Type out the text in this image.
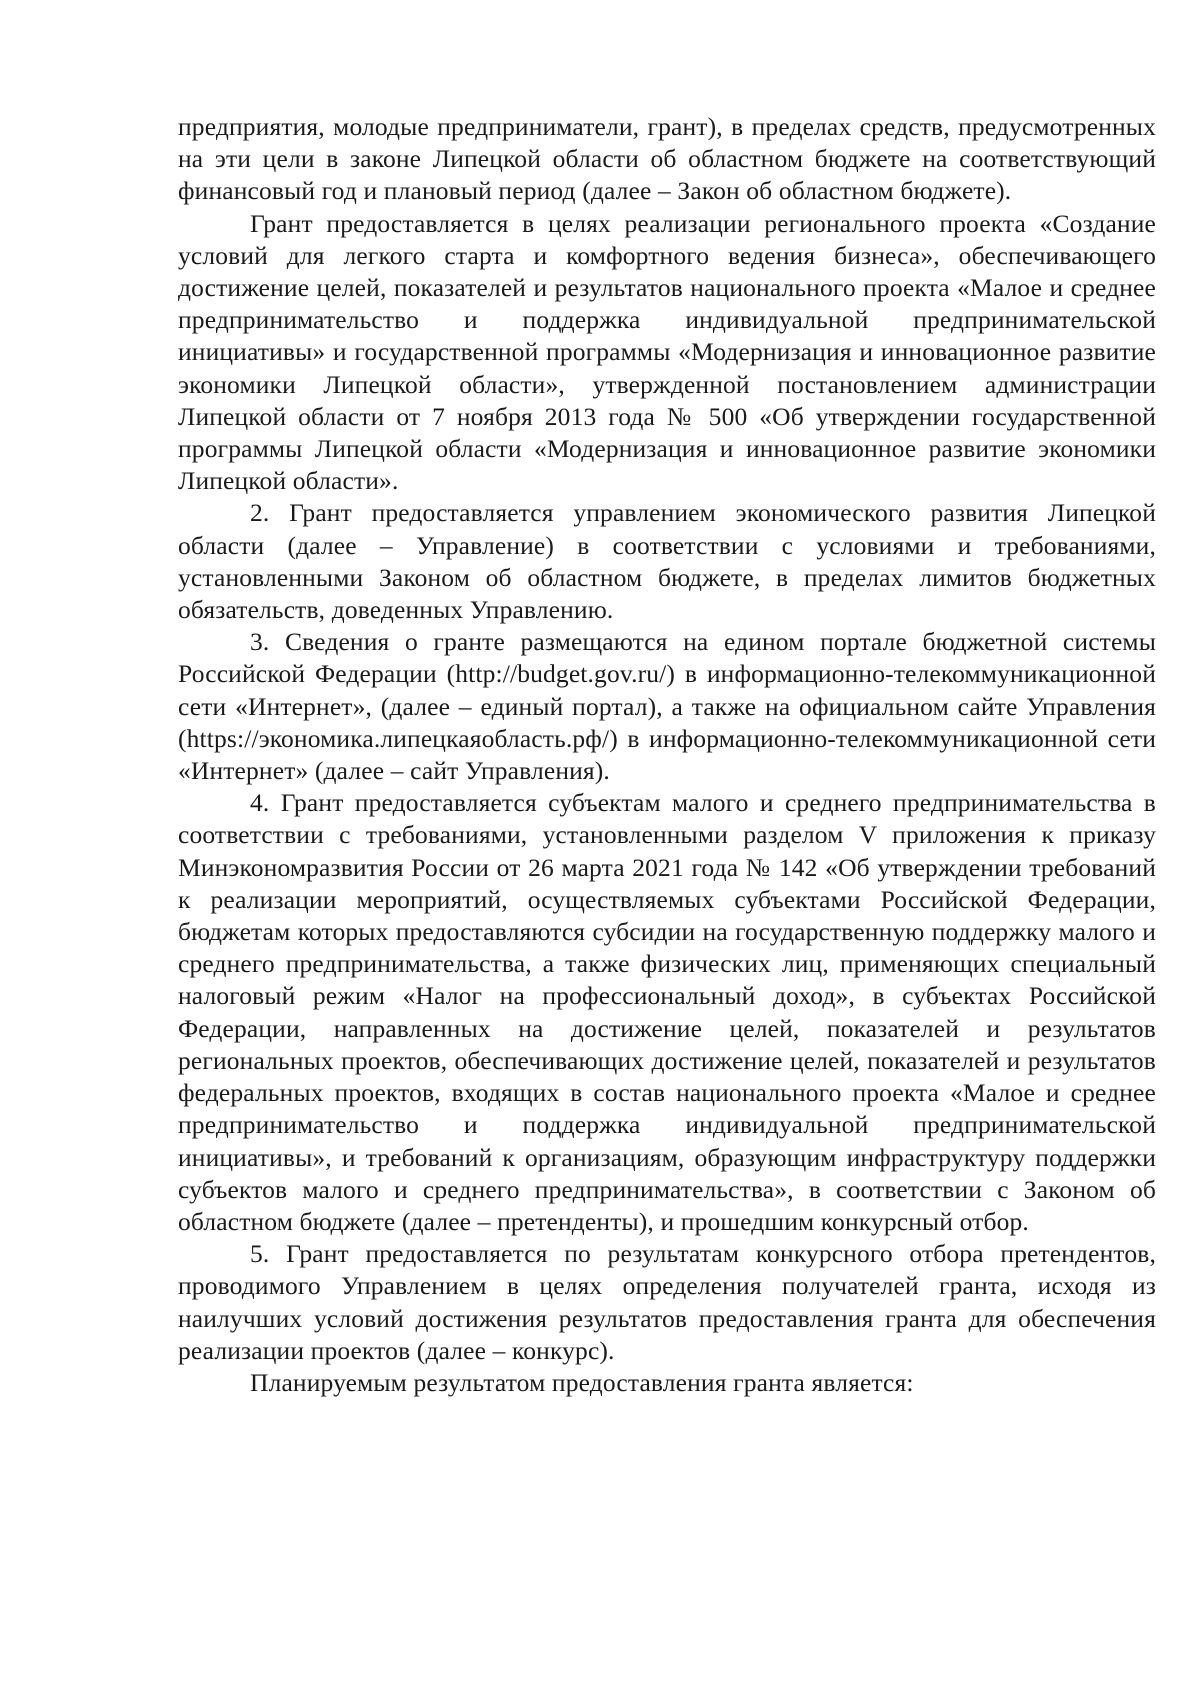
предприятия, молодые предприниматели, грант), в пределах средств, предусмотренных на эти цели в законе Липецкой области об областном бюджете на соответствующий финансовый год и плановый период (далее – Закон об областном бюджете).

Грант предоставляется в целях реализации регионального проекта «Создание условий для легкого старта и комфортного ведения бизнеса», обеспечивающего достижение целей, показателей и результатов национального проекта «Малое и среднее предпринимательство и поддержка индивидуальной предпринимательской инициативы» и государственной программы «Модернизация и инновационное развитие экономики Липецкой области», утвержденной постановлением администрации Липецкой области от 7 ноября 2013 года № 500 «Об утверждении государственной программы Липецкой области «Модернизация и инновационное развитие экономики Липецкой области».

2. Грант предоставляется управлением экономического развития Липецкой области (далее – Управление) в соответствии с условиями и требованиями, установленными Законом об областном бюджете, в пределах лимитов бюджетных обязательств, доведенных Управлению.

3. Сведения о гранте размещаются на едином портале бюджетной системы Российской Федерации (http://budget.gov.ru/) в информационно-телекоммуникационной сети «Интернет», (далее – единый портал), а также на официальном сайте Управления (https://экономика.липецкаяобласть.рф/) в информационно-телекоммуникационной сети «Интернет» (далее – сайт Управления).

4. Грант предоставляется субъектам малого и среднего предпринимательства в соответствии с требованиями, установленными разделом V приложения к приказу Минэкономразвития России от 26 марта 2021 года № 142 «Об утверждении требований к реализации мероприятий, осуществляемых субъектами Российской Федерации, бюджетам которых предоставляются субсидии на государственную поддержку малого и среднего предпринимательства, а также физических лиц, применяющих специальный налоговый режим «Налог на профессиональный доход», в субъектах Российской Федерации, направленных на достижение целей, показателей и результатов региональных проектов, обеспечивающих достижение целей, показателей и результатов федеральных проектов, входящих в состав национального проекта «Малое и среднее предпринимательство и поддержка индивидуальной предпринимательской инициативы», и требований к организациям, образующим инфраструктуру поддержки субъектов малого и среднего предпринимательства», в соответствии с Законом об областном бюджете (далее – претенденты), и прошедшим конкурсный отбор.

5. Грант предоставляется по результатам конкурсного отбора претендентов, проводимого Управлением в целях определения получателей гранта, исходя из наилучших условий достижения результатов предоставления гранта для обеспечения реализации проектов (далее – конкурс).

Планируемым результатом предоставления гранта является:
